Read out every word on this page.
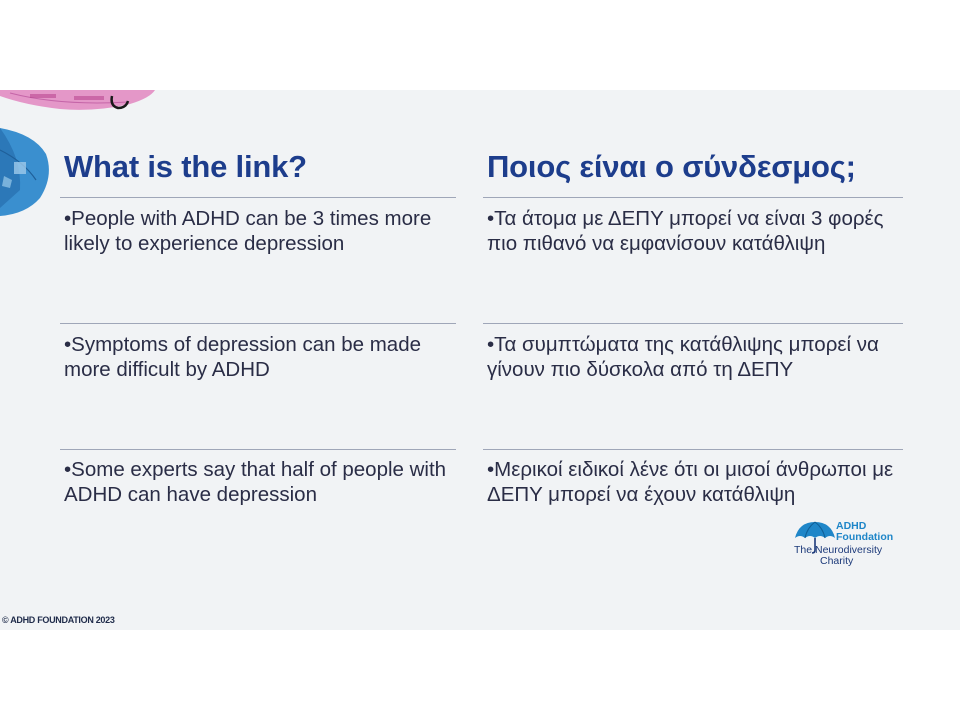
What is the link?

•People with ADHD can be 3 times more likely to experience depression

•Symptoms of depression can be made more difficult by ADHD

•Some experts say that half of people with ADHD can have depression

Ποιος είναι ο σύνδεσμος;

•Τα άτομα με ΔΕΠΥ μπορεί να είναι 3 φορές πιο πιθανό να εμφανίσουν κατάθλιψη

•Τα συμπτώματα της κατάθλιψης μπορεί να γίνουν πιο δύσκολα από τη ΔΕΠΥ

•Μερικοί ειδικοί λένε ότι οι μισοί άνθρωποι με ΔΕΠΥ μπορεί να έχουν κατάθλιψη

ADHD
Foundation
The Neurodiversity
Charity
© ADHD FOUNDATION 2023
